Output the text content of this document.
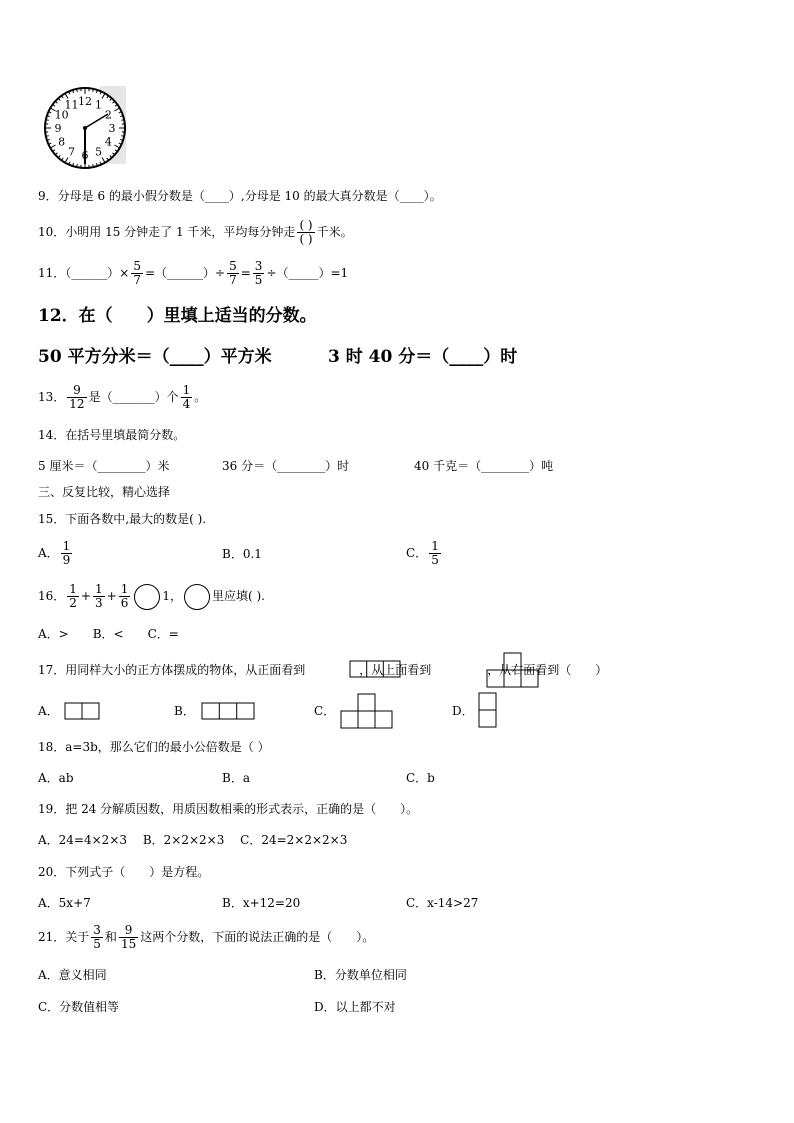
12 1
2
3
4
5
6
7
8
9
10
11
9．分母是 6 的最小假分数是（____）,分母是 10 的最大真分数是（____）。
10．小明用 15 分钟走了 1 千米，平均每分钟走 $\frac{( )}{( )}$ 千米。
11．（______）× $\frac{5}{7}$ =（______）÷ $\frac{5}{7} = \frac{3}{5}$ ÷（_____）=1
12．在（　　）里填上适当的分数。
50 平方分米＝（____）平方米	3 时 40 分＝（____）时
13． $\frac{9}{12}$ 是（_______）个 $\frac{1}{4}$ 。
14．在括号里填最简分数。
5 厘米＝（________）米	36 分＝（________）时	40 千克＝（________）吨
三、反复比较，精心选择
15．下面各数中,最大的数是( ).
A． $\frac{1}{9}$	B．0.1	C． $\frac{1}{5}$
16． $\frac{1}{2} + \frac{1}{3} + \frac{1}{6}$	1，	里应填( ).
A．>　　B．<　　C．=
17．用同样大小的正方体摆成的物体，从正面看到	，从上面看到	，从右面看到（　　）
A．	B．	C．	D．
18．a=3b，那么它们的最小公倍数是（ ）
A．ab	B．a	C．b
19．把 24 分解质因数，用质因数相乘的形式表示，正确的是（　　）。
A．24=4×2×3　 B．2×2×2×3　 C．24=2×2×2×3
20．下列式子（　　）是方程。
A．5x+7	B．x+12=20	C．x-14>27
21．关于 $\frac{3}{5}$ 和 $\frac{9}{15}$ 这两个分数，下面的说法正确的是（　　）。
A．意义相同	B．分数单位相同
C．分数值相等	D．以上都不对
